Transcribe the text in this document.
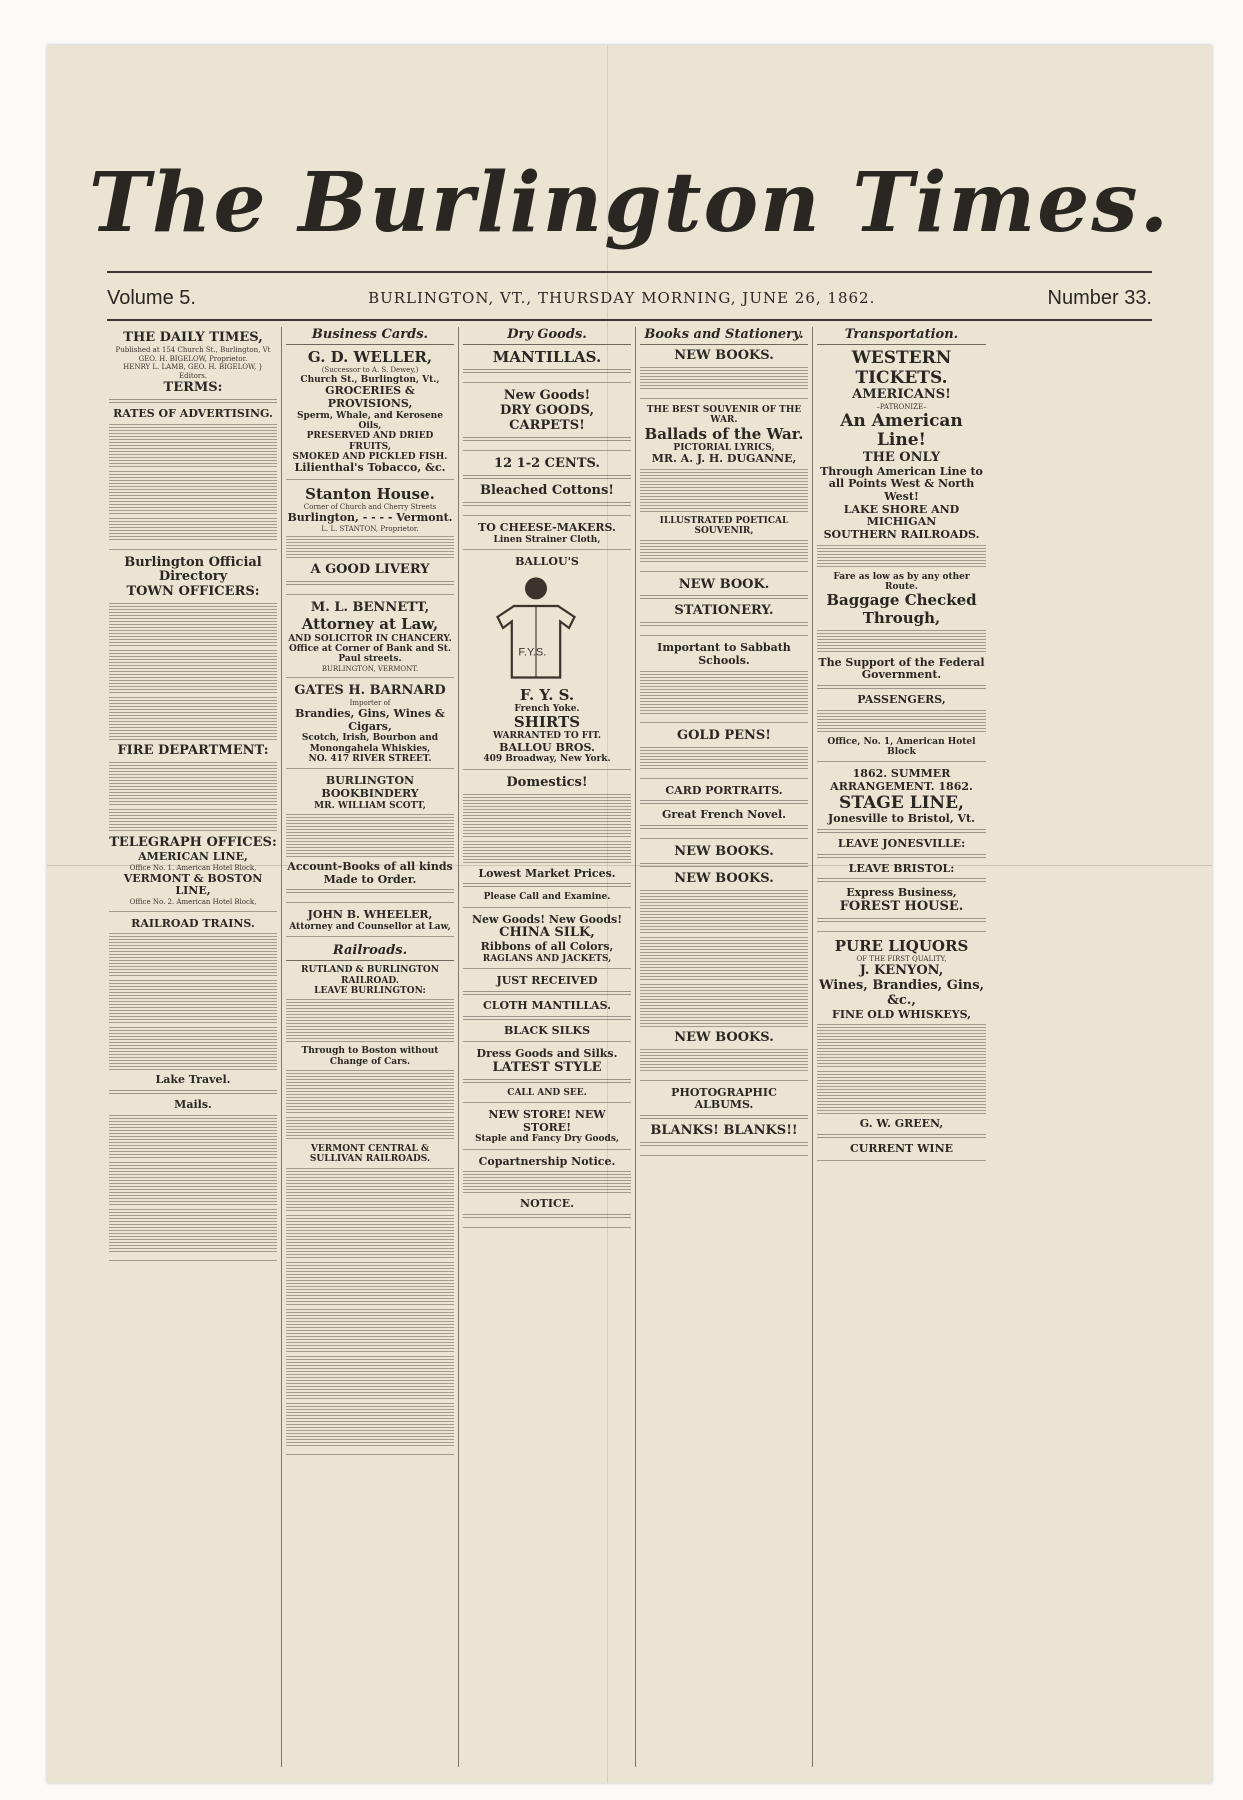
The Burlington Times.
Volume 5.	BURLINGTON, VT., THURSDAY MORNING, JUNE 26, 1862.	Number 33.
THE DAILY TIMES,
Published at 154 Church St., Burlington, Vt
GEO. H. BIGELOW, Proprietor.
HENRY L. LAMB, GEO. H. BIGELOW, } Editors.
TERMS:
RATES OF ADVERTISING.
Burlington Official Directory
TOWN OFFICERS:
FIRE DEPARTMENT:
TELEGRAPH OFFICES:
AMERICAN LINE,
Office No. 1. American Hotel Block,
VERMONT & BOSTON LINE,
Office No. 2. American Hotel Block,
RAILROAD TRAINS.
Lake Travel.
Mails.
Business Cards.
G. D. WELLER,
(Successor to A. S. Dewey,)
Church St., Burlington, Vt.,
GROCERIES & PROVISIONS,
Sperm, Whale, and Kerosene Oils,
PRESERVED AND DRIED FRUITS,
SMOKED AND PICKLED FISH.
Lilienthal's Tobacco, &c.
Stanton House.
Corner of Church and Cherry Streets
Burlington, - - - - Vermont.
L. L. STANTON, Proprietor.
A GOOD LIVERY
M. L. BENNETT,
Attorney at Law,
AND SOLICITOR IN CHANCERY.
Office at Corner of Bank and St. Paul streets.
BURLINGTON, VERMONT.
GATES H. BARNARD
Importer of
Brandies, Gins, Wines & Cigars,
Scotch, Irish, Bourbon and Monongahela Whiskies,
NO. 417 RIVER STREET.
BURLINGTON BOOKBINDERY
MR. WILLIAM SCOTT,
Account-Books of all kinds Made to Order.
JOHN B. WHEELER,
Attorney and Counsellor at Law,
Railroads.
RUTLAND & BURLINGTON RAILROAD.
LEAVE BURLINGTON:
Through to Boston without Change of Cars.
VERMONT CENTRAL & SULLIVAN RAILROADS.
Dry Goods.
MANTILLAS.
New Goods!
DRY GOODS,
CARPETS!
12 1-2 CENTS.
Bleached Cottons!
TO CHEESE-MAKERS.
Linen Strainer Cloth,
BALLOU'S
F.Y.S.
F. Y. S.
French Yoke.
SHIRTS
WARRANTED TO FIT.
BALLOU BROS.
409 Broadway, New York.
Domestics!
Lowest Market Prices.
Please Call and Examine.
New Goods! New Goods!
CHINA SILK,
Ribbons of all Colors,
RAGLANS AND JACKETS,
JUST RECEIVED
CLOTH MANTILLAS.
BLACK SILKS
Dress Goods and Silks.
LATEST STYLE
CALL AND SEE.
NEW STORE! NEW STORE!
Staple and Fancy Dry Goods,
Copartnership Notice.
NOTICE.
Books and Stationery.
NEW BOOKS.
THE BEST SOUVENIR OF THE WAR.
Ballads of the War.
PICTORIAL LYRICS,
MR. A. J. H. DUGANNE,
ILLUSTRATED POETICAL SOUVENIR,
NEW BOOK.
STATIONERY.
Important to Sabbath Schools.
GOLD PENS!
CARD PORTRAITS.
Great French Novel.
NEW BOOKS.
NEW BOOKS.
NEW BOOKS.
PHOTOGRAPHIC ALBUMS.
BLANKS! BLANKS!!
Transportation.
WESTERN TICKETS.
AMERICANS!
–PATRONIZE–
An American Line!
THE ONLY
Through American Line to all Points West & North West!
LAKE SHORE AND MICHIGAN
SOUTHERN RAILROADS.
Fare as low as by any other Route.
Baggage Checked Through,
The Support of the Federal Government.
PASSENGERS,
Office, No. 1, American Hotel Block
1862. SUMMER ARRANGEMENT. 1862.
STAGE LINE,
Jonesville to Bristol, Vt.
LEAVE JONESVILLE:
LEAVE BRISTOL:
Express Business,
FOREST HOUSE.
PURE LIQUORS
OF THE FIRST QUALITY,
J. KENYON,
Wines, Brandies, Gins, &c.,
FINE OLD WHISKEYS,
G. W. GREEN,
CURRENT WINE
